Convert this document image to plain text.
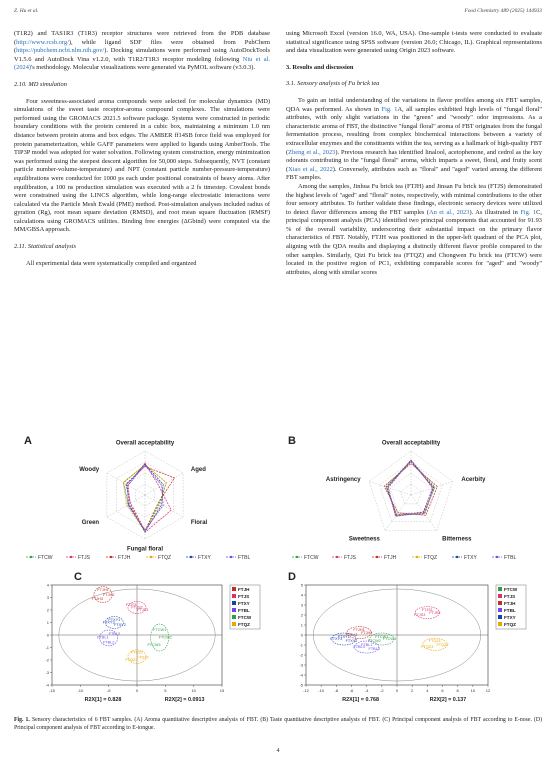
Z. Hu et al.	Food Chemistry 489 (2025) 144933

(T1R2) and TAS1R3 (T1R3) receptor structures were retrieved from the PDB database (http://www.rcsb.org/), while ligand SDF files were obtained from PubChem (https://pubchem.ncbi.nlm.nih.gov/). Docking simulations were performed using AutoDockTools V1.5.6 and AutoDock Vina v1.2.0, with T1R2/T1R3 receptor modeling following Niu et al. (2024)'s methodology. Molecular visualizations were generated via PyMOL software (v3.0.3).

2.10. MD simulation

Four sweetness-associated aroma compounds were selected for molecular dynamics (MD) simulations of the sweet taste receptor-aroma compound complexes. The simulations were performed using the GROMACS 2021.5 software package. Systems were constructed in periodic boundary conditions with the protein centered in a cubic box, maintaining a minimum 1.0 nm distance between protein atoms and box edges. The AMBER ff14SB force field was employed for protein parameterization, while GAFF parameters were applied to ligands using AmberTools. The TIP3P model was adopted for water solvation. Following system construction, energy minimization was performed using the steepest descent algorithm for 50,000 steps. Subsequently, NVT (constant particle number-volume-temperature) and NPT (constant particle number-pressure-temperature) equilibrations were conducted for 1000 ps each under positional constraints of heavy atoms. After equilibration, a 100 ns production simulation was executed with a 2 fs timestep. Covalent bonds were constrained using the LINCS algorithm, while long-range electrostatic interactions were calculated via the Particle Mesh Ewald (PME) method. Post-simulation analyses included radius of gyration (Rg), root mean square deviation (RMSD), and root mean square fluctuation (RMSF) calculations using GROMACS utilities. Binding free energies (ΔGbind) were computed via the MM/GBSA approach.

2.11. Statistical analysis

All experimental data were systematically compiled and organized

using Microsoft Excel (version 16.0, WA, USA). One-sample t-tests were conducted to evaluate statistical significance using SPSS software (version 26.0; Chicago, IL). Graphical representations and data visualization were generated using Origin 2023 software.

3. Results and discussion
3.1. Sensory analysis of Fu brick tea

To gain an initial understanding of the variations in flavor profiles among six FBT samples, QDA was performed. As shown in Fig. 1A, all samples exhibited high levels of "fungal floral" attributes, with only slight variations in the "green" and "woody" odor impressions. As a characteristic aroma of FBT, the distinctive "fungal floral" aroma of FBT originates from the fungal fermentation process, resulting from complex biochemical interactions between a variety of extracellular enzymes and the constituents within the tea, serving as a hallmark of high-quality FBT (Zheng et al., 2023). Previous research has identified linalool, acetophenone, and cedrol as the key odorants contributing to the "fungal floral" aroma, which imparts a sweet, floral, and fruity scent (Xiao et al., 2022). Conversely, attributes such as "floral" and "aged" varied among the different FBT samples.

Among the samples, Jinhua Fu brick tea (FTJH) and Jinsan Fu brick tea (FTJS) demonstrated the highest levels of "aged" and "floral" notes, respectively, with minimal contributions to the other four sensory attributes. To further validate these findings, electronic sensory devices were utilized to detect flavor differences among the FBT samples (An et al., 2023). As illustrated in Fig. 1C, principal component analysis (PCA) identified two principal components that accounted for 91.93 % of the overall variability, underscoring their substantial impact on the primary flavor characteristics of FBT. Notably, FTJH was positioned in the upper-left quadrant of the PCA plot, aligning with the QDA results and displaying a distinctly different flavor profile compared to the other samples. Similarly, Qizi Fu brick tea (FTQZ) and Chongwen Fu brick tea (FTCW) were located in the positive region of PC1, exhibiting comparable scores for "aged" and "woody" attributes, along with similar scores

A	Overall acceptability
Aged
Floral
Fungal floral
Green
Woody
FTCW	FTJS	FTJH	FTQZ	FTXY	FTBL
B	Overall acceptability
Acerbity
Bitterness
Sweetness
Astringency
FTCW	FTJS	FTJH	FTQZ	FTXY	FTBL
C
-15	-10	-5	0	5	10	15
-4
-3
-2
-1
0
1
2
3
4
FTJH1
FTJH2
FTJH3
FTJS1
FTJS2
FTJS3
FTXY1
FTXY2
FTXY3
FTBL1
FTBL2
FTBL3
FTCW1
FTCW2
FTCW3
FTQZ1
FTQZ2
FTQZ3
FTJH
FTJS
FTXY
FTBL
FTCW
FTQZ
R2X[1] = 0.828	R2X[2] = 0.0913
D
-12 -10	-8	-6	-4	-2	0	2	4	6	8	10	12
-5
-4
-3
-2
-1
0
1
2
3
4
5
FTCW1
FTCW2 FTCW3
FTJS1
FTJS2
FTJS3
FTJH1
FTJH2
FTJH3
FTBL1
FTBL2
FTBL3
FTXY1
FTXY2
FTXY3	FTQZ1
FTQZ2
FTQZ3
FTCW
FTJS
FTJH
FTBL
FTXY
FTQZ
R2X[1] = 0.768	R2X[2] = 0.137
Fig. 1. Sensory characteristics of 6 FBT samples. (A) Aroma quantitative descriptive analysis of FBT. (B) Taste quantitative descriptive analysis of FBT. (C) Principal component analysis of FBT according to E-nose. (D) Principal component analysis of FBT according to E-tongue.
4
